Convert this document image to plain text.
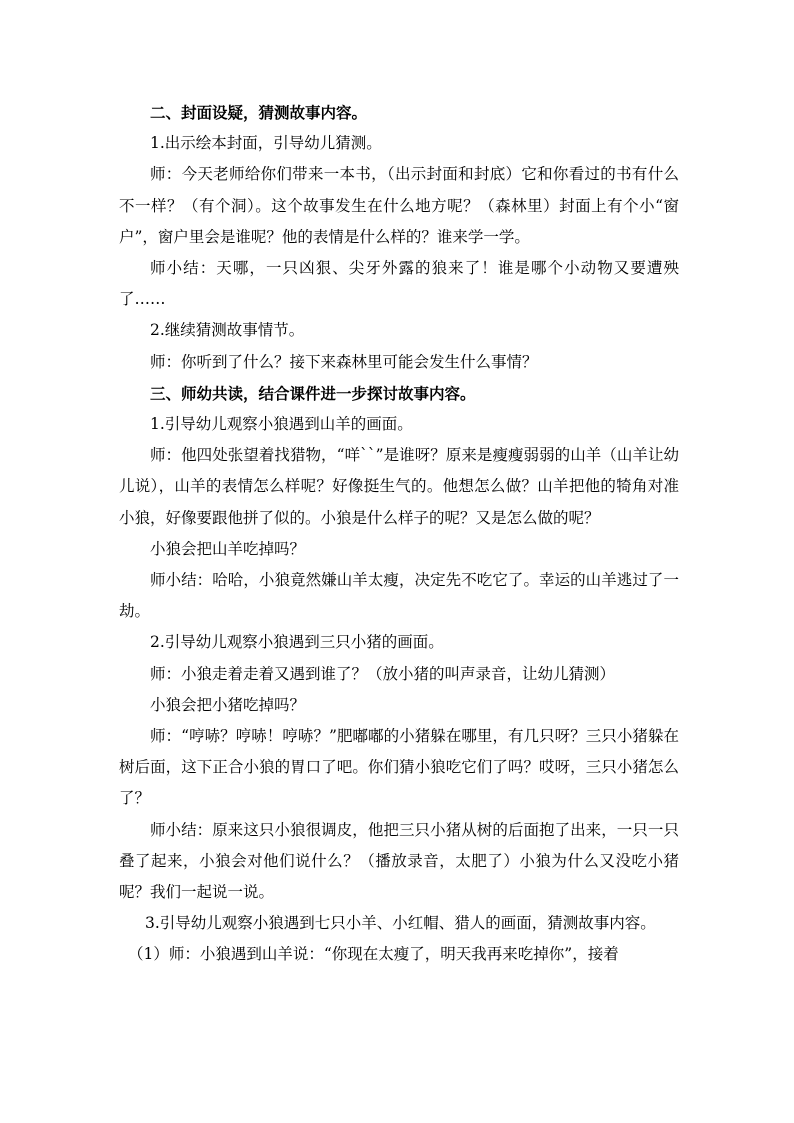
二、封面设疑，猜测故事内容。

1.出示绘本封面，引导幼儿猜测。

师：今天老师给你们带来一本书，（出示封面和封底）它和你看过的书有什么不一样？（有个洞）。这个故事发生在什么地方呢？（森林里）封面上有个小“窗户”，窗户里会是谁呢？他的表情是什么样的？谁来学一学。

师小结：天哪，一只凶狠、尖牙外露的狼来了！谁是哪个小动物又要遭殃了……

2.继续猜测故事情节。

师：你听到了什么？接下来森林里可能会发生什么事情？

三、师幼共读，结合课件进一步探讨故事内容。

1.引导幼儿观察小狼遇到山羊的画面。

师：他四处张望着找猎物，“咩``”是谁呀？原来是瘦瘦弱弱的山羊（山羊让幼儿说），山羊的表情怎么样呢？好像挺生气的。他想怎么做？山羊把他的犄角对准小狼，好像要跟他拼了似的。小狼是什么样子的呢？又是怎么做的呢？

小狼会把山羊吃掉吗？

师小结：哈哈，小狼竟然嫌山羊太瘦，决定先不吃它了。幸运的山羊逃过了一劫。

2.引导幼儿观察小狼遇到三只小猪的画面。

师：小狼走着走着又遇到谁了？（放小猪的叫声录音，让幼儿猜测）

小狼会把小猪吃掉吗？

师：“哼哧？哼哧！哼哧？”肥嘟嘟的小猪躲在哪里，有几只呀？三只小猪躲在树后面，这下正合小狼的胃口了吧。你们猜小狼吃它们了吗？哎呀，三只小猪怎么了？

师小结：原来这只小狼很调皮，他把三只小猪从树的后面抱了出来，一只一只叠了起来，小狼会对他们说什么？（播放录音，太肥了）小狼为什么又没吃小猪呢？我们一起说一说。

3.引导幼儿观察小狼遇到七只小羊、小红帽、猎人的画面，猜测故事内容。

（1）师：小狼遇到山羊说：“你现在太瘦了，明天我再来吃掉你”，接着
